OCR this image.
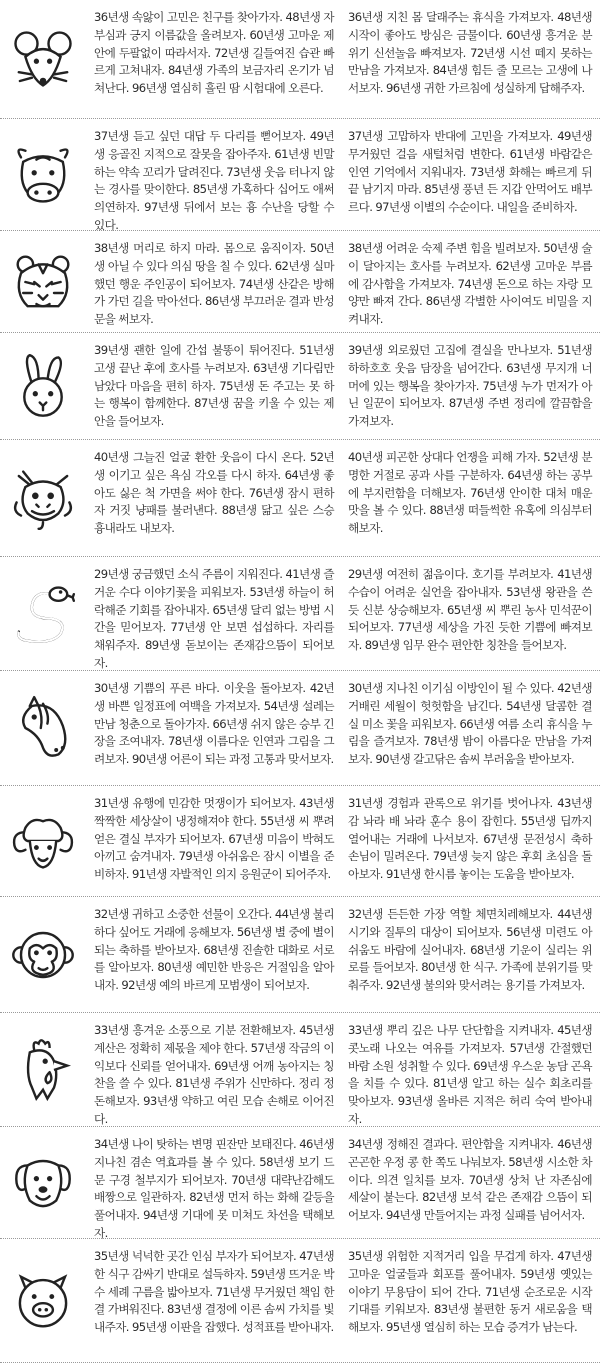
36년생 속앓이 고민은 친구를 찾아가자. 48년생 자부심과 긍지 이름값을 올려보자. 60년생 고마운 제안에 두팔없이 따라서자. 72년생 길들여진 습관 빠르게 고쳐내자. 84년생 가족의 보금자리 온기가 넘쳐난다. 96년생 열심히 흘린 땀 시험대에 오른다.
36년생 지친 몸 달래주는 휴식을 가져보자. 48년생 시작이 좋아도 방심은 금물이다. 60년생 흥겨운 분위기 신선놀음 빠져보자. 72년생 시선 떼지 못하는 만남을 가져보자. 84년생 힘든 줄 모르는 고생에 나서보자. 96년생 귀한 가르침에 성실하게 답해주자.
37년생 듣고 싶던 대답 두 다리를 뻗어보자. 49년생 응골진 지적으로 잘못을 잡아주자. 61년생 빈말하는 약속 꼬리가 달려진다. 73년생 웃음 터나지 않는 경사를 맞이한다. 85년생 가혹하다 십어도 애써 의연하자. 97년생 뒤에서 보는 흉 수난을 당할 수 있다.
37년생 고맙하자 반대에 고민을 가져보자. 49년생 무거웠던 걸음 새털처럼 변한다. 61년생 바람같은 인연 기억에서 지워내자. 73년생 화해는 빠르게 뒤끝 남기지 마라. 85년생 풍년 든 지갑 안먹어도 배부르다. 97년생 이별의 수순이다. 내일을 준비하자.
38년생 머리로 하지 마라. 몸으로 움직이자. 50년생 아닐 수 있다 의심 땅을 칠 수 있다. 62년생 실마 했던 행운 주인공이 되어보자. 74년생 산같은 방해가 가던 길을 막아선다. 86년생 부끄러운 결과 반성문을 써보자.
38년생 어려운 숙제 주변 힘을 빌려보자. 50년생 술이 달아지는 호사를 누려보자. 62년생 고마운 부름에 감사함을 가져보자. 74년생 돈으로 하는 자랑 모양만 빠져 간다. 86년생 각별한 사이여도 비밀을 지켜내자.
39년생 괜한 일에 간섭 불똥이 튀어진다. 51년생 고생 끝난 후에 호사를 누려보자. 63년생 기다림만 남았다 마음을 편히 하자. 75년생 돈 주고는 못 하는 행복이 함께한다. 87년생 꿈을 키울 수 있는 제안을 들어보자.
39년생 외로웠던 고집에 결실을 만나보자. 51년생 하하호호 웃음 담장을 넘어간다. 63년생 무지개 너머에 있는 행복을 찾아가자. 75년생 누가 먼저가 아닌 일꾼이 되어보자. 87년생 주변 정리에 깔끔함을 가져보자.
40년생 그늘진 얼굴 환한 웃음이 다시 온다. 52년생 이기고 싶은 욕심 각오를 다시 하자. 64년생 좋아도 싫은 척 가면을 써야 한다. 76년생 잠시 편하자 거짓 냥패를 불러낸다. 88년생 닮고 싶은 스승 흉내라도 내보자.
40년생 피곤한 상대다 언쟁을 피해 가자. 52년생 분명한 거절로 공과 사를 구분하자. 64년생 하는 공부에 부지런함을 더해보자. 76년생 안이한 대처 매운맛을 볼 수 있다. 88년생 떠들썩한 유혹에 의심부터 해보자.
29년생 궁금했던 소식 주름이 지워진다. 41년생 즐거운 수다 이야기꽃을 피워보자. 53년생 하늘이 허락해준 기회를 잡아내자. 65년생 달리 없는 방법 시간을 믿어보자. 77년생 안 보면 섭섭하다. 자리를 채워주자. 89년생 돋보이는 존재감으뜸이 되어보자.
29년생 여전히 젊음이다. 호기를 부려보자. 41년생 수습이 어려운 실언을 잡아내자. 53년생 왕관을 쓴 듯 신분 상승해보자. 65년생 씨 뿌린 농사 민석꾼이 되어보자. 77년생 세상을 가진 듯한 기쁨에 빠져보자. 89년생 임무 완수 편안한 칭찬을 들어보자.
30년생 기쁨의 푸른 바다. 이웃을 돌아보자. 42년생 바쁜 일정표에 여백을 가져보자. 54년생 설레는 만남 청춘으로 돌아가자. 66년생 쉬지 않은 승부 긴장을 조여내자. 78년생 이름다운 인연과 그림을 그려보자. 90년생 어른이 되는 과정 고통과 맞서보자.
30년생 지나친 이기심 이방인이 될 수 있다. 42년생 거배린 세월이 헛헛함을 남긴다. 54년생 달콤한 결실 미소 꽃을 피워보자. 66년생 여름 소리 휴식을 누림을 즐겨보자. 78년생 밤이 아름다운 만남을 가져보자. 90년생 갈고닦은 솜씨 부러움을 받아보자.
31년생 유행에 민감한 멋쟁이가 되어보자. 43년생 짝짝한 세상살이 냉정해져야 한다. 55년생 씨 뿌려 얻은 결실 부자가 되어보자. 67년생 미음이 박혀도 아끼고 숨겨내자. 79년생 아쉬움은 잠시 이별을 준비하자. 91년생 자발적인 의지 응원군이 되어주자.
31년생 경험과 관록으로 위기를 벗어나자. 43년생 감 놔라 배 놔라 훈수 용이 잡힌다. 55년생 딥까지 열어내는 거래에 나서보자. 67년생 문전성시 축하 손님이 밀려온다. 79년생 늦지 않은 후회 초심을 돌아보자. 91년생 한시름 놓이는 도움을 받아보자.
32년생 귀하고 소중한 선물이 오간다. 44년생 불리하다 싶어도 거래에 응해보자. 56년생 별 중에 별이 되는 축하를 받아보자. 68년생 진솔한 대화로 서로를 알아보자. 80년생 예민한 반응은 거절임을 알아내자. 92년생 예의 바르게 모범생이 되어보자.
32년생 든든한 가장 역할 체면치레해보자. 44년생 시기와 질투의 대상이 되어보자. 56년생 미련도 아쉬움도 바람에 실어내자. 68년생 기운이 실리는 위로를 들어보자. 80년생 한 식구. 가족에 분위기를 맞춰주자. 92년생 불의와 맞서려는 용기를 가져보자.
33년생 흥겨운 소풍으로 기분 전환해보자. 45년생 계산은 정확히 제몫을 제야 한다. 57년생 작금의 이익보다 신뢰를 얻어내자. 69년생 어깨 농아지는 칭찬을 쓸 수 있다. 81년생 주위가 신만하다. 정리 정돈해보자. 93년생 약하고 여린 모습 손해로 이어진다.
33년생 뿌리 깊은 나무 단단함을 지켜내자. 45년생 콧노래 나오는 여유를 가져보자. 57년생 간절했던 바람 소원 성취할 수 있다. 69년생 우스운 농담 곤욕을 치를 수 있다. 81년생 알고 하는 실수 회초리를 맞아보자. 93년생 올바른 지적은 허리 숙여 받아내자.
34년생 나이 탓하는 변명 핀잔만 보태진다. 46년생 지나친 겸손 역효과를 볼 수 있다. 58년생 보기 드문 구경 철부지가 되어보자. 70년생 대략난감해도 배짱으로 일관하자. 82년생 먼저 하는 화해 갈등을 풀어내자. 94년생 기대에 못 미쳐도 차선을 택해보자.
34년생 정해진 결과다. 편안함을 지켜내자. 46년생 곤곤한 우정 콩 한 쪽도 나눠보자. 58년생 시소한 차이다. 의견 일치를 보자. 70년생 상처 난 자존심에 세살이 붙는다. 82년생 보석 같은 존재감 으뜸이 되어보자. 94년생 만들어지는 과정 실패를 넘어서자.
35년생 넉넉한 곳간 인심 부자가 되어보자. 47년생 한 식구 감싸기 반대로 설득하자. 59년생 뜨거운 박수 세례 구름을 밟아보자. 71년생 무거웠던 책임 한결 가벼워진다. 83년생 결정에 이른 솜씨 가치를 빛내주자. 95년생 이판을 잡했다. 성적표를 받아내자.
35년생 위험한 지적거리 입을 무겁게 하자. 47년생 고마운 얼굴들과 회포를 풀어내자. 59년생 옛있는 이야기 무용담이 되어 간다. 71년생 순조로운 시작 기대를 키워보자. 83년생 불편한 동거 새로움을 택해보자. 95년생 열심히 하는 모습 증겨가 남는다.
